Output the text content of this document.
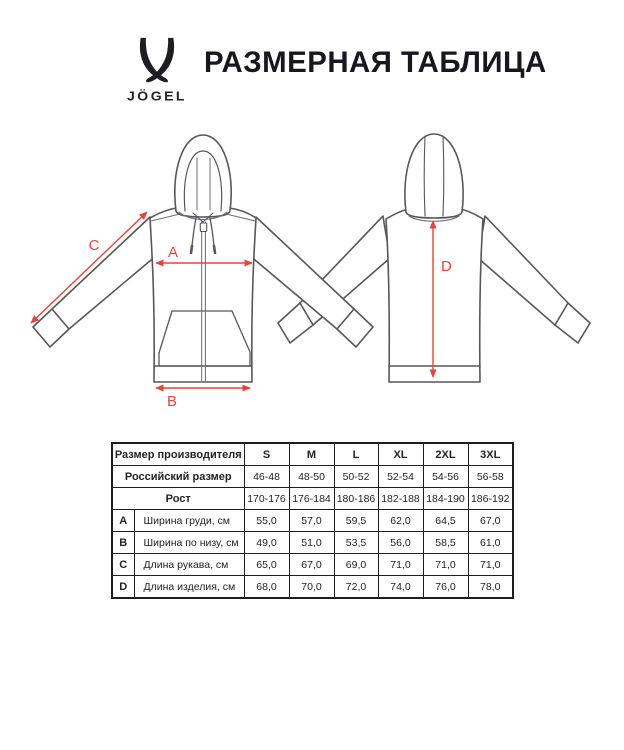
JÖGEL
РАЗМЕРНАЯ ТАБЛИЦА
D
A
B
C
Размер производителя		S	M	L	XL	2XL	3XL
Российский размер		46-48	48-50	50-52	52-54	54-56	56-58
Рост		170-176	176-184	180-186	182-188	184-190	186-192
A	Ширина груди, см	55,0	57,0	59,5	62,0	64,5	67,0
B	Ширина по низу, см	49,0	51,0	53,5	56,0	58,5	61,0
C	Длина рукава, см	65,0	67,0	69,0	71,0	71,0	71,0
D	Длина изделия, см	68,0	70,0	72,0	74,0	76,0	78,0
